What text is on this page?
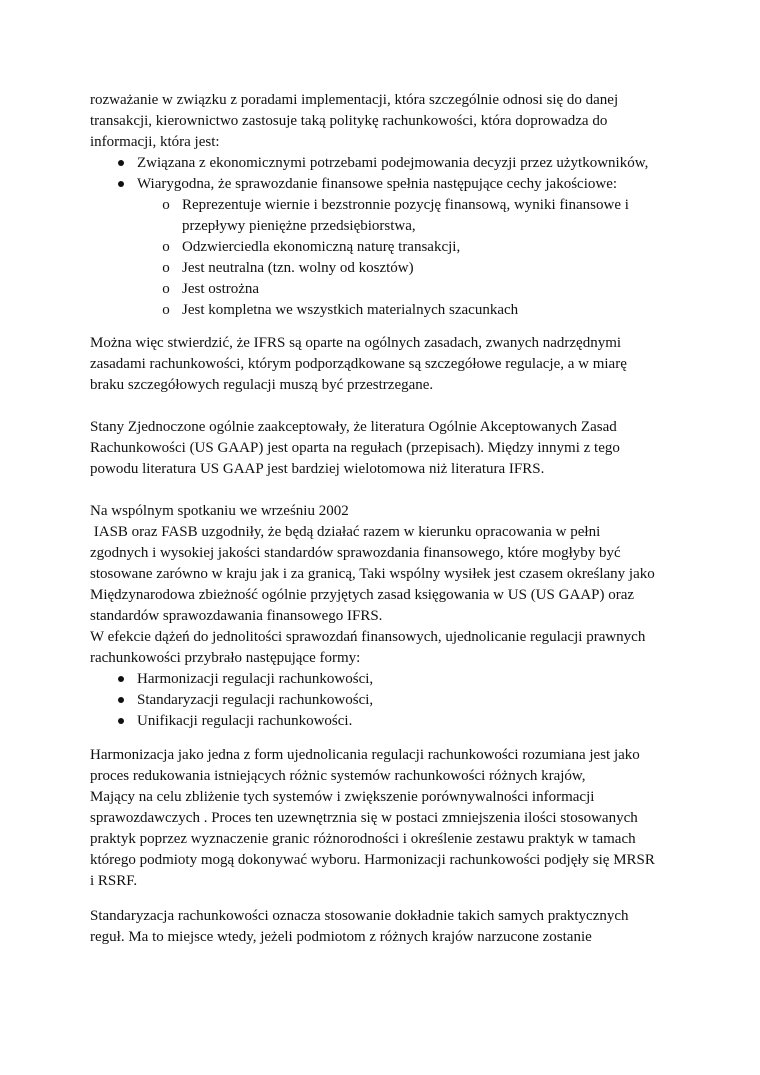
rozważanie w związku z poradami implementacji, która szczególnie odnosi się do danej
transakcji, kierownictwo zastosuje taką politykę rachunkowości, która doprowadza do
informacji, która jest:
Związana z ekonomicznymi potrzebami podejmowania decyzji przez użytkowników,
Wiarygodna, że sprawozdanie finansowe spełnia następujące cechy jakościowe:
o Reprezentuje wiernie i bezstronnie pozycję finansową, wyniki finansowe i
przepływy pieniężne przedsiębiorstwa,
o Odzwierciedla ekonomiczną naturę transakcji,
o Jest neutralna (tzn. wolny od kosztów)
o Jest ostrożna
o Jest kompletna we wszystkich materialnych szacunkach
Można więc stwierdzić, że IFRS są oparte na ogólnych zasadach, zwanych nadrzędnymi
zasadami rachunkowości, którym podporządkowane są szczegółowe regulacje, a w miarę
braku szczegółowych regulacji muszą być przestrzegane.
Stany Zjednoczone ogólnie zaakceptowały, że literatura Ogólnie Akceptowanych Zasad
Rachunkowości (US GAAP) jest oparta na regułach (przepisach). Między innymi z tego
powodu literatura US GAAP jest bardziej wielotomowa niż literatura IFRS.
Na wspólnym spotkaniu we wrześniu 2002
IASB oraz FASB uzgodniły, że będą działać razem w kierunku opracowania w pełni
zgodnych i wysokiej jakości standardów sprawozdania finansowego, które mogłyby być
stosowane zarówno w kraju jak i za granicą, Taki wspólny wysiłek jest czasem określany jako
Międzynarodowa zbieżność ogólnie przyjętych zasad księgowania w US (US GAAP) oraz
standardów sprawozdawania finansowego IFRS.
W efekcie dążeń do jednolitości sprawozdań finansowych, ujednolicanie regulacji prawnych
rachunkowości przybrało następujące formy:
Harmonizacji regulacji rachunkowości,
Standaryzacji regulacji rachunkowości,
Unifikacji regulacji rachunkowości.
Harmonizacja jako jedna z form ujednolicania regulacji rachunkowości rozumiana jest jako
proces redukowania istniejących różnic systemów rachunkowości różnych krajów,
Mający na celu zbliżenie tych systemów i zwiększenie porównywalności informacji
sprawozdawczych . Proces ten uzewnętrznia się w postaci zmniejszenia ilości stosowanych
praktyk poprzez wyznaczenie granic różnorodności i określenie zestawu praktyk w tamach
którego podmioty mogą dokonywać wyboru. Harmonizacji rachunkowości podjęły się MRSR
i RSRF.
Standaryzacja rachunkowości oznacza stosowanie dokładnie takich samych praktycznych
reguł. Ma to miejsce wtedy, jeżeli podmiotom z różnych krajów narzucone zostanie
